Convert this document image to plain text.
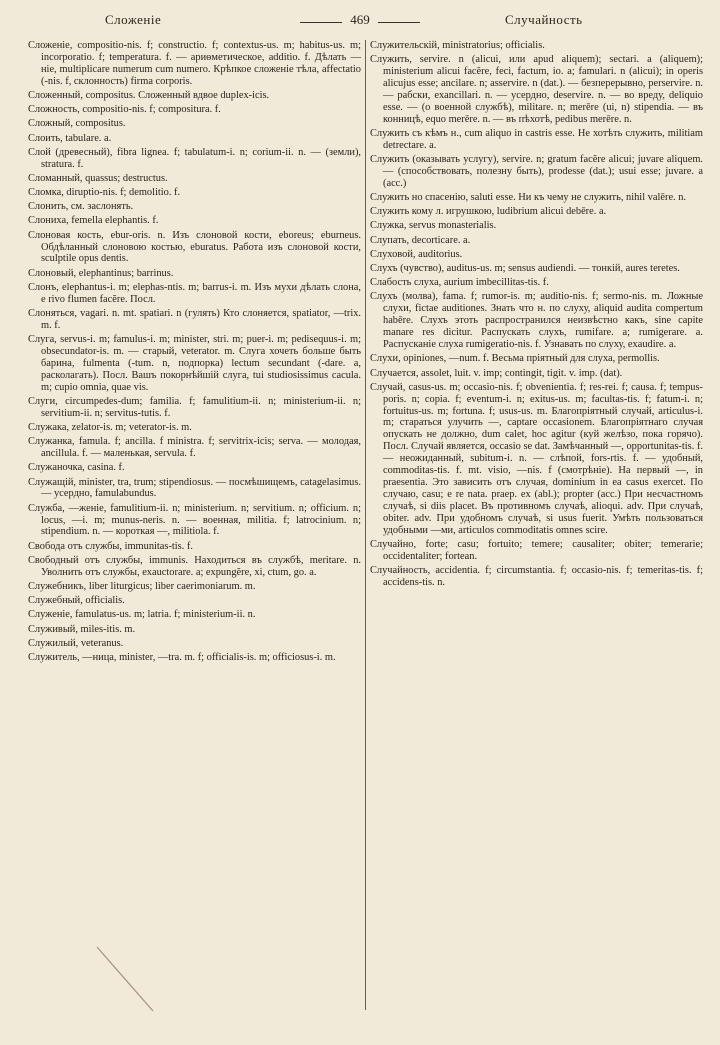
Сложеніе	469	Случайность
Сложеніе, compositio-nis. f; constructio. f; contextus-us. m; habitus-us. m; incorporatio. f; temperatura. f. — ариѳметическое, additio. f. Дѣлать —ніе, multiplicare numerum cum numero. Крѣпкое сложеніе тѣла, affectatio (-nis. f, склонность) firma corporis.
Сложенный, compositus. Сложенный вдвое duplex-icis.
Сложность, compositio-nis. f; compositura. f.
Сложный, compositus.
Слоить, tabulare. a.
Слой (древесный), fibra lignea. f; tabulatum-i. n; corium-ii. n. — (земли), stratura. f.
Сломанный, quassus; destructus.
Сломка, diruptio-nis. f; demolitio. f.
Слонить, см. заслонять.
Слониха, femella elephantis. f.
Слоновая кость, ebur-oris. n. Изъ слоновой кости, eboreus; eburneus. Обдѣланный слоновою костью, eburatus. Работа изъ слоновой кости, sculptile opus dentis.
Слоновый, elephantinus; barrinus.
Слонъ, elephantus-i. m; elephas-ntis. m; barrus-i. m. Изъ мухи дѣлать слона, e rivo flumen facĕre. Посл.
Слоняться, vagari. n. mt. spatiari. n (гулять) Кто слоняется, spatiator, —trix. m. f.
Слуга, servus-i. m; famulus-i. m; minister, stri. m; puer-i. m; pedisequus-i. m; obsecundator-is. m. — старый, veterator. m. Слуга хочеть больше быть барина, fulmenta (-tum. n, подпорка) lectum secundant (-dare. a, расколагать). Посл. Вашъ покорнѣйшій слуга, tui studiosissimus cacula. m; cupio omnia, quae vis.
Слуги, circumpedes-dum; familia. f; famulitium-ii. n; ministerium-ii. n; servitium-ii. n; servitus-tutis. f.
Служака, zelator-is. m; veterator-is. m.
Служанка, famula. f; ancilla. f ministra. f; servitrix-icis; serva. — молодая, ancillula. f. — маленькая, servula. f.
Служаночка, casina. f.
Служащій, minister, tra, trum; stipendiosus. — посмѣшищемъ, catagelasimus. — усердно, famulabundus.
Служба, —женіе, famulitium-ii. n; ministerium. n; servitium. n; officium. n; locus, —i. m; munus-neris. n. — военная, militia. f; latrocinium. n; stipendium. n. — короткая —, militiola. f.
Свобода отъ службы, immunitas-tis. f.
Свободный отъ службы, immunis. Находиться въ службѣ, meritare. n. Уволнить отъ службы, exauctorare. a; expungĕre, xi, ctum, go. a.
Служебникъ, liber liturgicus; liber caerimoniarum. m.
Служебный, officialis.
Служеніе, famulatus-us. m; latria. f; ministerium-ii. n.
Служивый, miles-itis. m.
Служилый, veteranus.
Служитель, —ница, minister, —tra. m. f; officialis-is. m; officiosus-i. m.
Служительскій, ministratorius; officialis.
Служить, servire. n (alicui, или apud aliquem); sectari. a (aliquem); ministerium alicui facĕre, feci, factum, io. a; famulari. n (alicui); in operis alicujus esse; ancilare. n; asservire. n (dat.). — безперерывно, perservire. n. — рабски, exancillari. n. — усердно, deservire. n. — во вреду, deliquio esse. — (о военной службѣ), militare. n; merēre (ui, n) stipendia. — въ конницѣ, equo merēre. n. — въ пѣхотѣ, pedibus merēre. n.
Служить съ кѣмъ н., cum aliquo in castris esse. Не хотѣть служить, militiam detrectare. a.
Служить (оказывать услугу), servire. n; gratum facĕre alicui; juvare aliquem. — (способствовать, полезну быть), prodesse (dat.); usui esse; juvare. a (acc.)
Служить но спасенію, saluti esse. Ни къ чему не служить, nihil valēre. n.
Служить кому л. игрушкою, ludibrium alicui debēre. a.
Служка, servus monasterialis.
Слупать, decorticare. a.
Слуховой, auditorius.
Слухъ (чувство), auditus-us. m; sensus audiendi. — тонкій, aures teretes.
Слабость слуха, aurium imbecillitas-tis. f.
Слухъ (молва), fama. f; rumor-is. m; auditio-nis. f; sermo-nis. m. Ложные слухи, fictae auditiones. Знать что н. по слуху, aliquid audita compertum habēre. Слухъ этоть распространился неизвѣстно какъ, sine capite manare res dicitur. Распускать слухъ, rumifare. a; rumigerare. a. Распусканіе слуха rumigeratio-nis. f. Узнавать по слуху, exaudire. a.
Слухи, opiniones, —num. f. Весьма пріятный для слуха, permollis.
Случается, assolet, luit. v. imp; contingit, tigit. v. imp. (dat).
Случай, casus-us. m; occasio-nis. f; obvenientia. f; res-rei. f; causa. f; tempus-poris. n; copia. f; eventum-i. n; exitus-us. m; facultas-tis. f; fatum-i. n; fortuitus-us. m; fortuna. f; usus-us. m. Благопріятный случай, articulus-i. m; стараться улучить —, captare occasionem. Благопріятнаго случая опускать не должно, dum calet, hoc agitur (куй желѣзо, пока горячо). Посл. Случай является, occasio se dat. Замѣчанный —, opportunitas-tis. f. — неожиданный, subitum-i. n. — слѣпой, fors-rtis. f. — удобный, commoditas-tis. f. mt. visio, —nis. f (смотрѣніе). На первый —, in praesentia. Это зависить отъ случая, dominium in ea casus exercet. По случаю, casu; e re nata. praep. ex (abl.); propter (acc.) При несчастномъ случаѣ, si diis placet. Въ противномъ случаѣ, alioqui. adv. При случаѣ, obiter. adv. При удобномъ случаѣ, si usus fuerit. Умѣть пользоваться удобными —ми, articulos commoditatis omnes scire.
Случайно, forte; casu; fortuito; temere; causaliter; obiter; temerarie; occidentaliter; fortean.
Случайность, accidentia. f; circumstantia. f; occasio-nis. f; temeritas-tis. f; accidens-tis. n.
